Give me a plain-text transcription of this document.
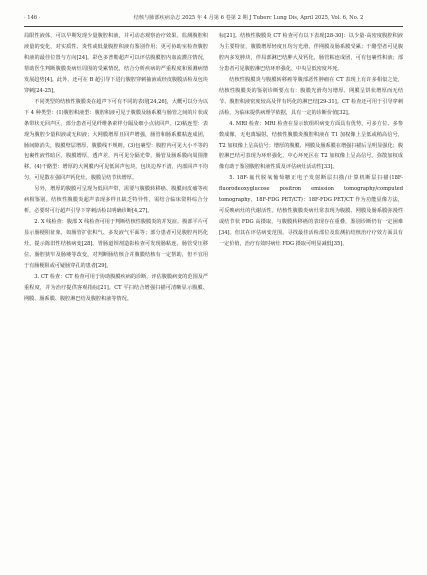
· 146 ·	结核与肺部疾病杂志 2025 年 4 月第 6 卷第 2 期 J Tuberc Lung Dis, April 2025, Vol. 6, No. 2

局限性液体，可以早期发现少量腹腔积液，并可动态观察治疗效果。监测腹腔积液量的变化，对实质性、炎性或低量腹腔积液有鉴别作用；更可协助室检查腹腔积液的最佳位置与方向[24]。彩色多普勒超声可以评估腹膜腔内血流灌注情况，帮助医生判断腹膜炎病灶周围的受累情况，结合分析疾病的严重程度和预测病情发展趋势[4]。此外，还可在 B 超引导下进行腹腔穿刺抽液或经皮腹膜活检及包块穿刺[24-25]。

不同类型的结核性腹膜炎在超声下可有不同的表现[24,26]，大概可以分为以下 4 种类型：(1)腹腔积液型：腹腔积液可见于腹膜及肠系膜与肠管之间的片状或条带状无回声区，部分患者可见纤维条索样分隔及细小点状回声。(2)粘连型：表现为腹腔少量积液或无积液；大网膜增厚且回声增强，肠管和肠系膜粘连成团，肠间隙消失，腹膜壁层增厚，腹膜线不规则。(3)包裹型：腹腔内可见大小不等的包裹性液性暗区，腹膜增厚，透声差，内可见分隔光带，肠管及肠系膜向周围推移。(4)干酪型：增厚的大网膜内可见低回声包块，包块边界不清，内部回声不均匀，可见散在强回声钙化灶，腹膜呈结节状增厚。

另外，增厚的腹膜可呈现为低回声带，需要与腹膜转移癌、腹膜间皮瘤等疾病相鉴别。结核性腹膜炎超声表现多样且缺乏特异性，需结合临床资料综合分析，必要时可行超声引导下穿刺活检以明确诊断[4,27]。

2. X 线检查：腹部 X 线检查可用于判断结核性腹膜炎的并发症。腹部平片可显示肠梗阻征象，如肠管扩张积气、多发液气平面等；部分患者可见腹腔内钙化灶，提示陈旧性结核病变[28]。胃肠道钡剂造影检查可发现肠粘连、肠管受压移位、肠腔狭窄及肠瘘等改变，对判断肠结核合并腹膜结核有一定帮助，但不宜用于有肠梗阻或可疑肠穿孔的患者[29]。

3. CT 检查：CT 检查可用于协助腹膜疾病的诊断，评估腹膜病变的范围及严重程度，并为治疗提供客观指标[21]。CT 平扫结合增强扫描可清晰显示腹膜、网膜、肠系膜、腹腔淋巴结及腹腔积液等情况。

标[21]。结核性腹膜炎 CT 检查可有以下表现[28-30]：以少量-高密度腹腔积液为主要特征，腹膜增厚轻度且均匀光滑，伴网膜及肠系膜受累；干酪型者可见腹腔内多发肿块，伴局部淋巴结肿大及钙化，肠管粘连成团，可有包裹性积液；部分患者可见腹腔淋巴结环形强化，中央呈低密度坏死。

结核性腹膜炎与腹膜转移癌等腹部恶性肿瘤在 CT 表现上有许多相似之处，结核性腹膜炎的鉴别诊断要点有：腹膜光滑均匀增厚、网膜呈饼状增厚而无结节、腹腔积液密度较高及伴有钙化的淋巴结[29-31]。CT 检查还可用于引导穿刺活检，为临床提供病理学依据，具有一定的诊断价值[32]。

4. MRI 检查：MRI 检查在显示软组织病变方面具有优势，可多方位、多参数成像，无电离辐射。结核性腹膜炎腹腔积液在 T1 加权像上呈低或稍高信号，T2 加权像上呈高信号；增厚的腹膜、网膜及肠系膜在增强扫描后呈明显强化；腹腔淋巴结可表现为环形强化，中心坏死区在 T2 加权像上呈高信号。弥散加权成像有助于鉴别腹腔积液性质及评估病灶活动性[33]。

5. 18F-氟代脱氧葡萄糖正电子发射断层扫描/计算机断层扫描(18F-fluorodeoxyglucose positron emission tomography/computed tomography，18F-FDG PET/CT)：18F-FDG PET/CT 作为功能显像方法，可反映病灶的代谢活性。结核性腹膜炎病灶常表现为腹膜、网膜及肠系膜弥漫性或结节状 FDG 高摄取，与腹膜转移癌的表现存在重叠，鉴别诊断仍有一定困难[34]。但其在评估病变范围、寻找最佳活检部位及监测抗结核治疗疗效方面具有一定价值，治疗有效时病灶 FDG 摄取可明显减低[35]。
